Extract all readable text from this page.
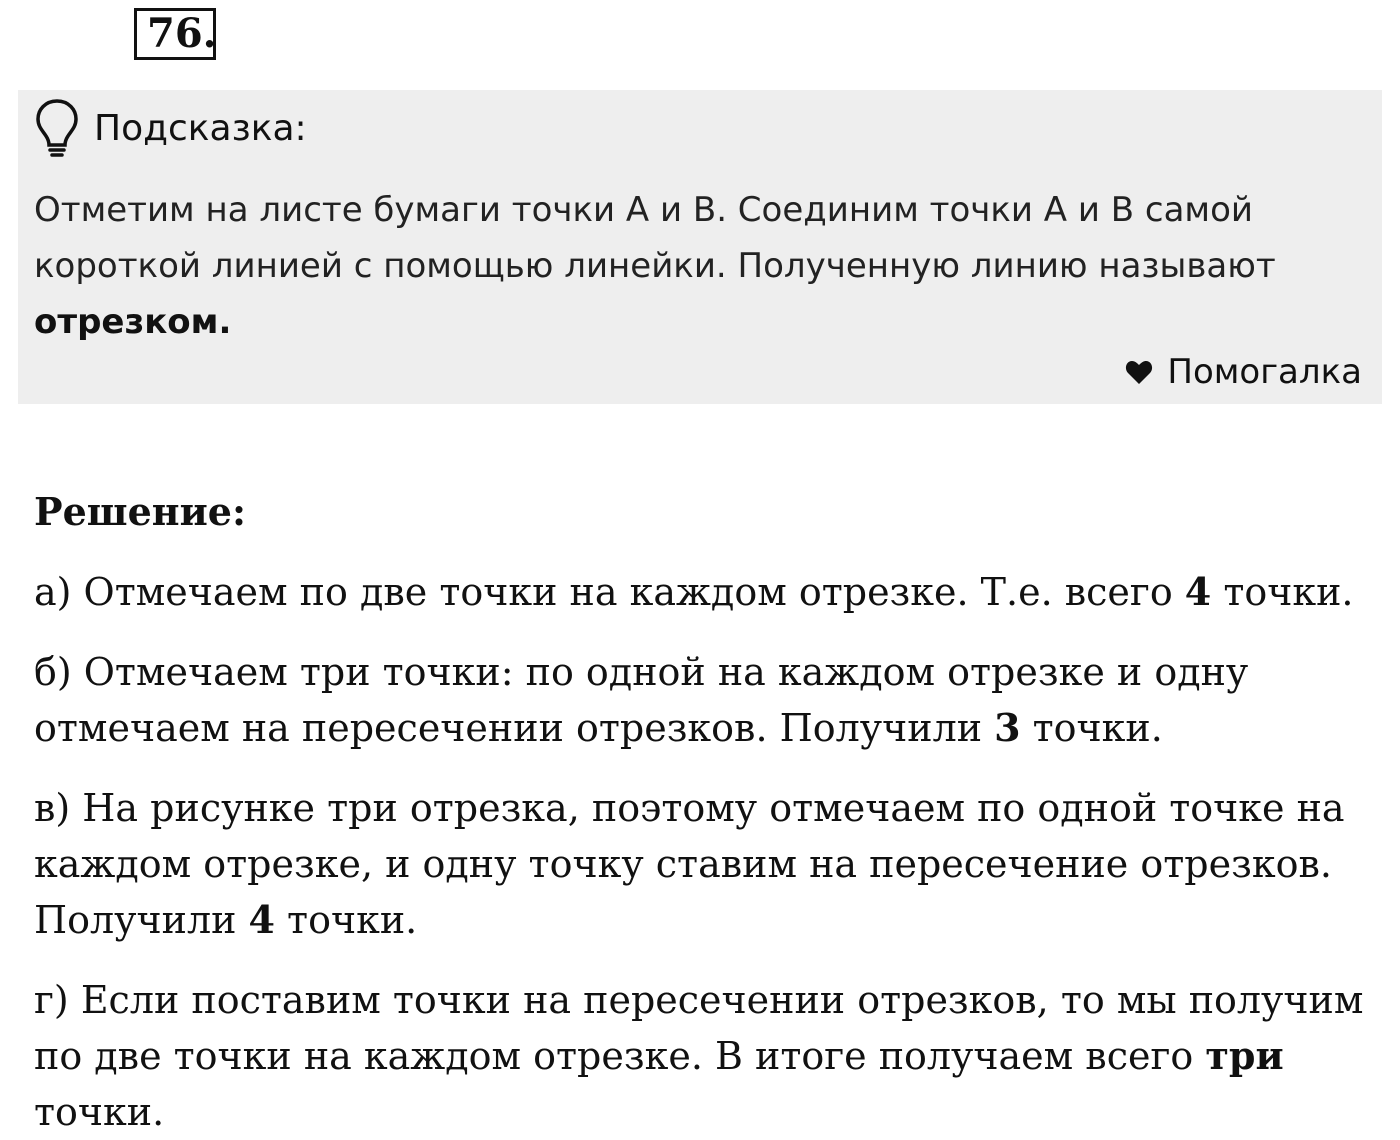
76.
Подсказка:
Отметим на листе бумаги точки А и В. Соединим точки А и В самой короткой линией с помощью линейки. Полученную линию называют отрезком.
Помогалка

Решение:

а) Отмечаем по две точки на каждом отрезке. Т.е. всего 4 точки.

б) Отмечаем три точки: по одной на каждом отрезке и одну отмечаем на пересечении отрезков. Получили 3 точки.

в) На рисунке три отрезка, поэтому отмечаем по одной точке на каждом отрезке, и одну точку ставим на пересечение отрезков. Получили 4 точки.

г) Если поставим точки на пересечении отрезков, то мы получим по две точки на каждом отрезке. В итоге получаем всего три точки.
